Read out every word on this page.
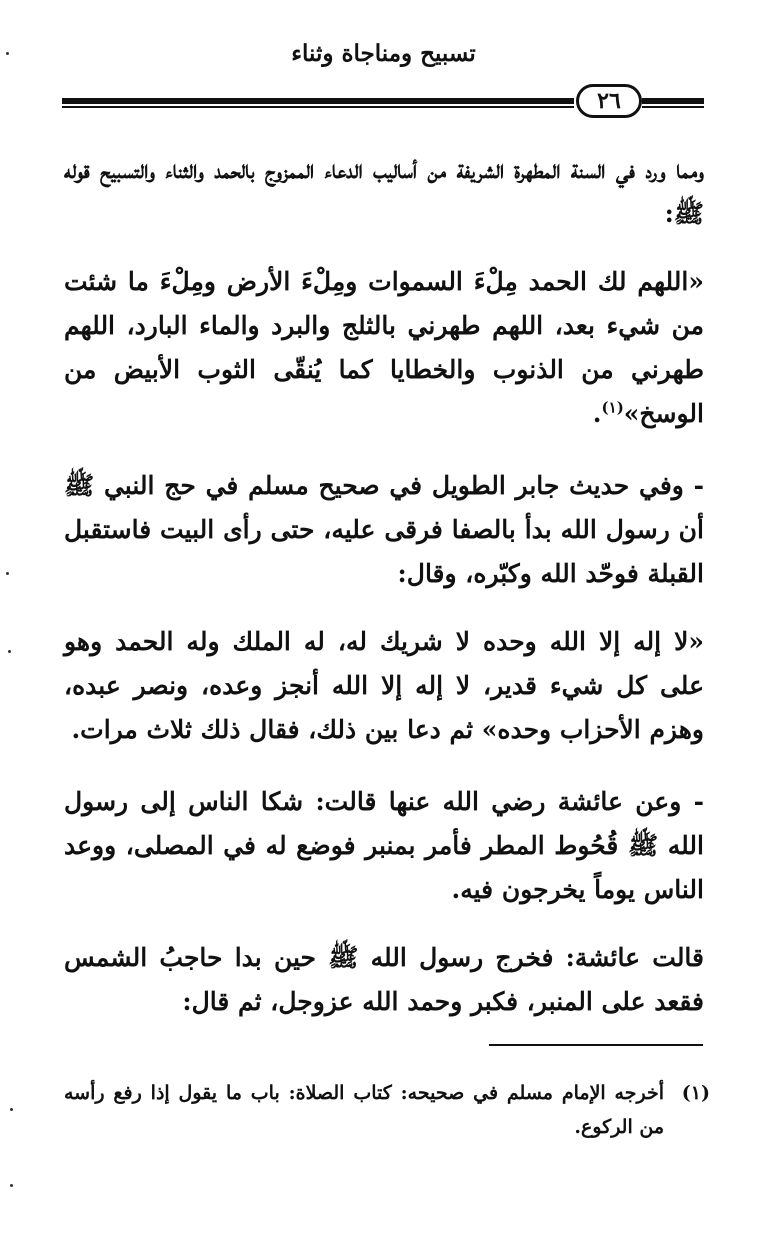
تسبيح ومناجاة وثناء
٢٦

ومما ورد في السنة المطهرة الشريفة من أساليب الدعاء الممزوج بالحمد والثناء والتسبيح قوله ﷺ:

«اللهم لك الحمد مِلْءَ السموات ومِلْءَ الأرض ومِلْءَ ما شئت من شيء بعد، اللهم طهرني بالثلج والبرد والماء البارد، اللهم طهرني من الذنوب والخطايا كما يُنقّى الثوب الأبيض من الوسخ»$^{(١)}$.

- وفي حديث جابر الطويل في صحيح مسلم في حج النبي ﷺ أن رسول الله بدأ بالصفا فرقى عليه، حتى رأى البيت فاستقبل القبلة فوحّد الله وكبّره، وقال:

«لا إله إلا الله وحده لا شريك له، له الملك وله الحمد وهو على كل شيء قدير، لا إله إلا الله أنجز وعده، ونصر عبده، وهزم الأحزاب وحده» ثم دعا بين ذلك، فقال ذلك ثلاث مرات.

- وعن عائشة رضي الله عنها قالت: شكا الناس إلى رسول الله ﷺ قُحُوط المطر فأمر بمنبر فوضع له في المصلى، ووعد الناس يوماً يخرجون فيه.

قالت عائشة: فخرج رسول الله ﷺ حين بدا حاجبُ الشمس فقعد على المنبر، فكبر وحمد الله عزوجل، ثم قال:

(١)
أخرجه الإمام مسلم في صحيحه: كتاب الصلاة: باب ما يقول إذا رفع رأسه من الركوع.
